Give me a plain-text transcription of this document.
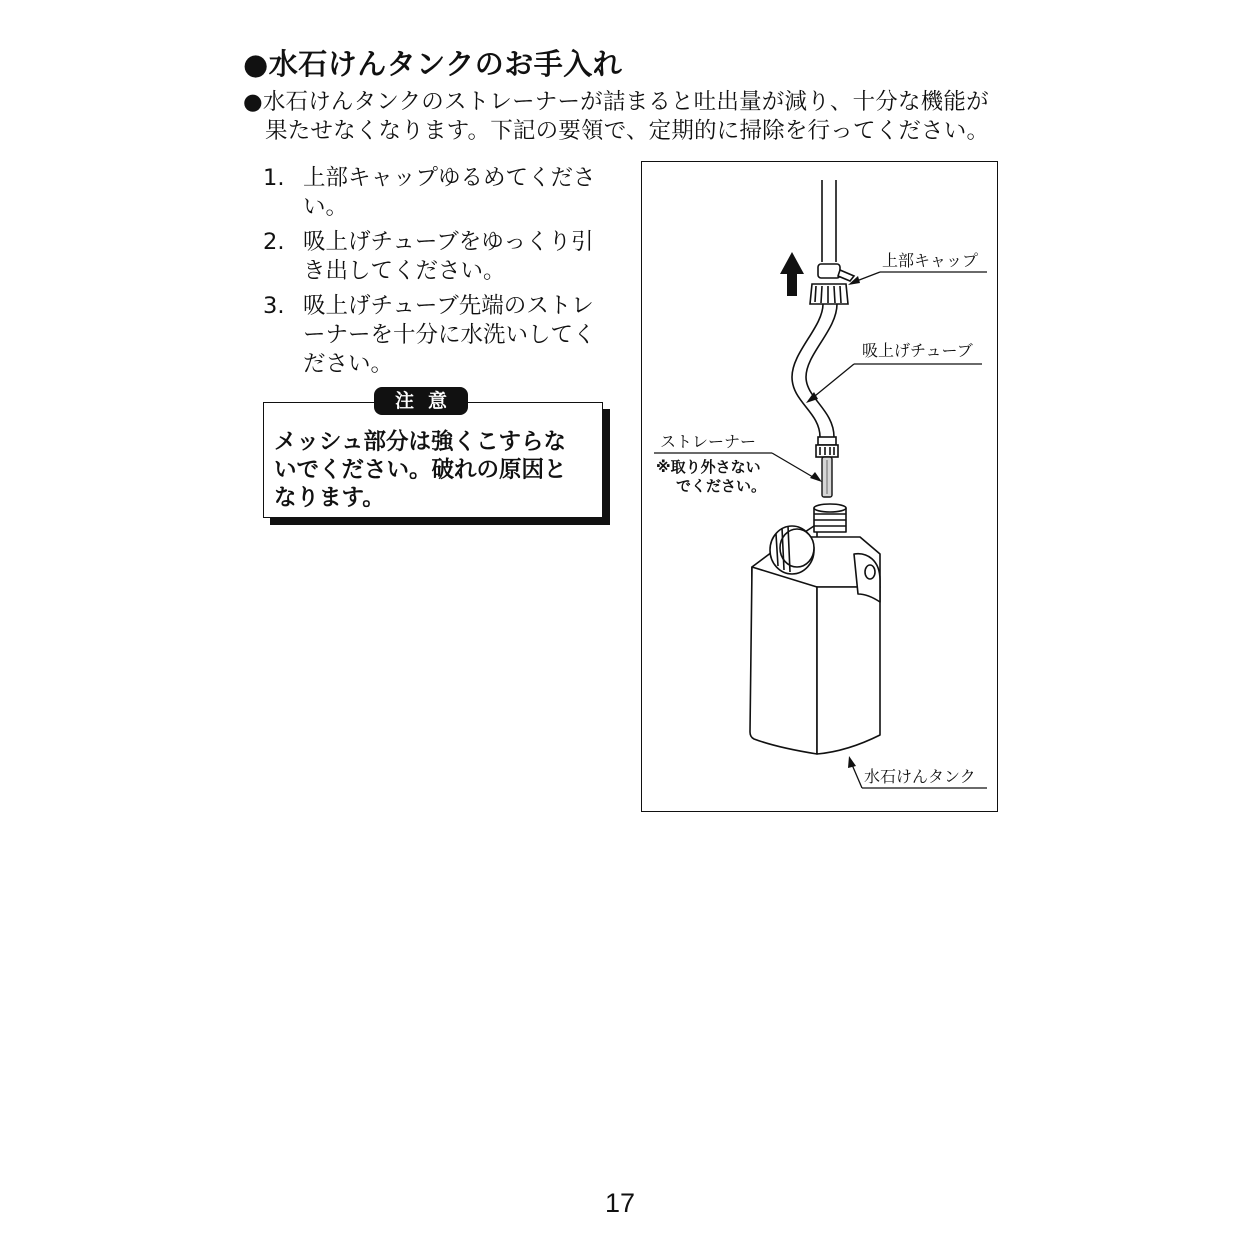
●水石けんタンクのお手入れ
●水石けんタンクのストレーナーが詰まると吐出量が減り、十分な機能が
果たせなくなります。下記の要領で、定期的に掃除を行ってください。
1. 上部キャップゆるめてくださ
い。
2. 吸上げチューブをゆっくり引
き出してください。
3. 吸上げチューブ先端のストレ
ーナーを十分に水洗いしてく
ださい。
注意
メッシュ部分は強くこすらな
いでください。破れの原因と
なります。
上部キャップ
吸上げチューブ
ストレーナー
※取り外さない
でください。
水石けんタンク
17
